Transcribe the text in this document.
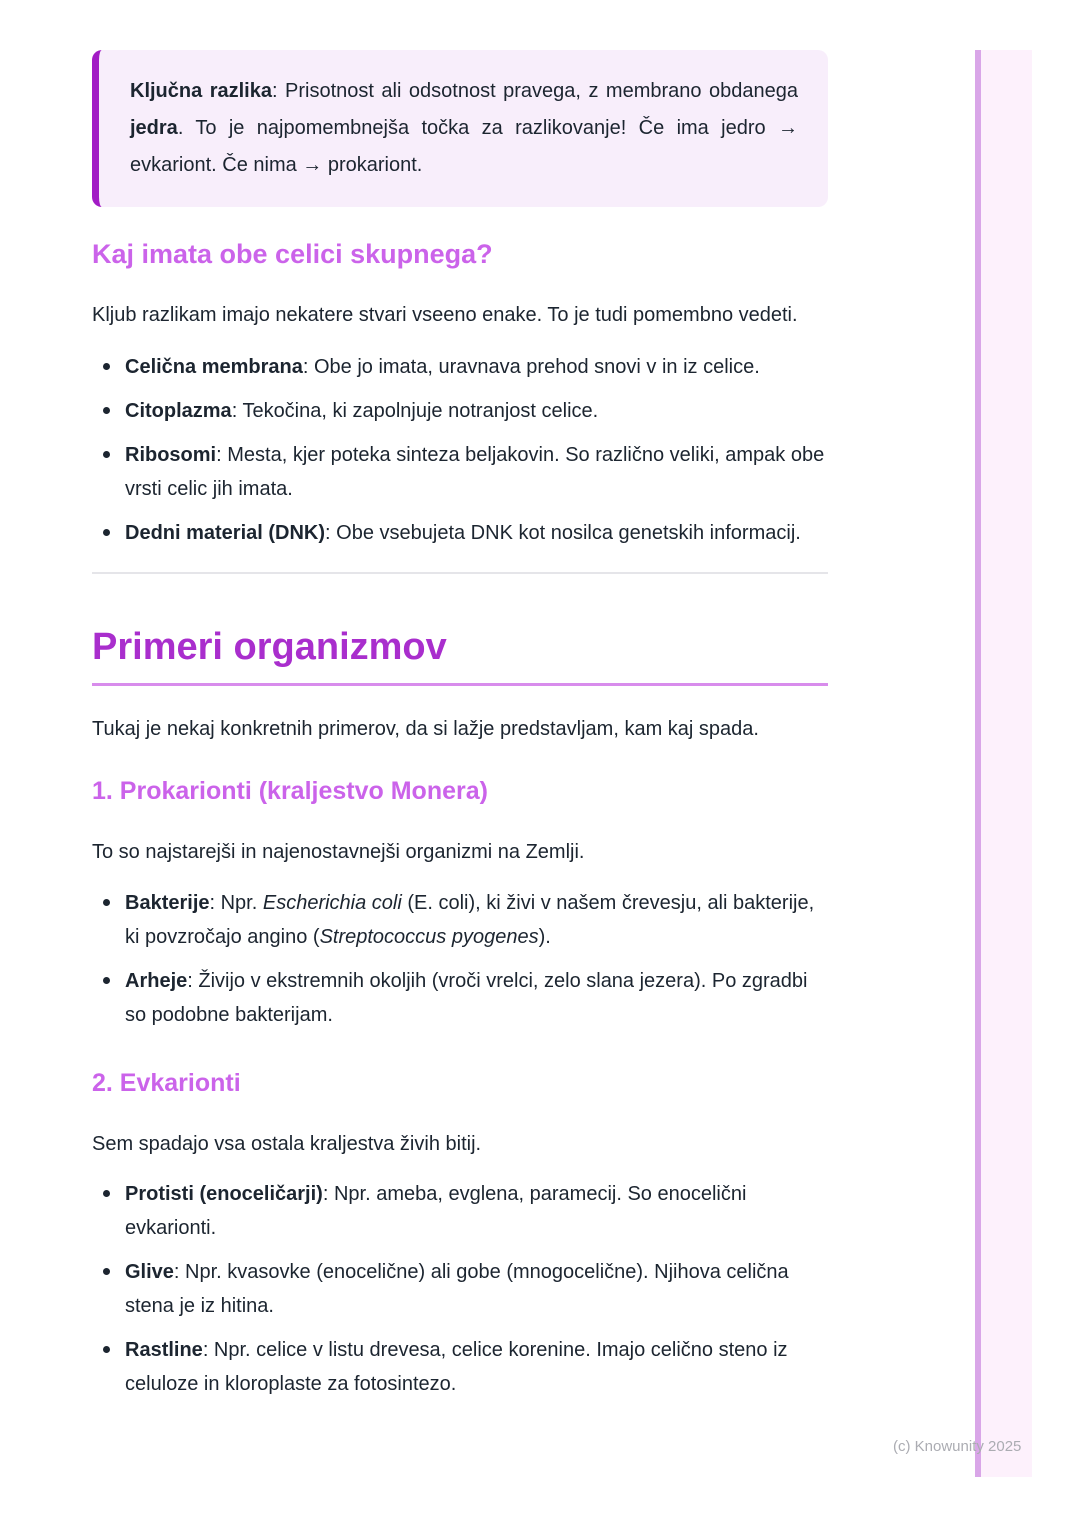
Ključna razlika: Prisotnost ali odsotnost pravega, z membrano obdanega jedra. To je najpomembnejša točka za razlikovanje! Če ima jedro → evkariont. Če nima → prokariont.

Kaj imata obe celici skupnega?

Kljub razlikam imajo nekatere stvari vseeno enake. To je tudi pomembno vedeti.

Celična membrana: Obe jo imata, uravnava prehod snovi v in iz celice.
Citoplazma: Tekočina, ki zapolnjuje notranjost celice.
Ribosomi: Mesta, kjer poteka sinteza beljakovin. So različno veliki, ampak obe vrsti celic jih imata.
Dedni material (DNK): Obe vsebujeta DNK kot nosilca genetskih informacij.
Primeri organizmov

Tukaj je nekaj konkretnih primerov, da si lažje predstavljam, kam kaj spada.

1. Prokarionti (kraljestvo Monera)

To so najstarejši in najenostavnejši organizmi na Zemlji.

Bakterije: Npr. Escherichia coli (E. coli), ki živi v našem črevesju, ali bakterije, ki povzročajo angino (Streptococcus pyogenes).
Arheje: Živijo v ekstremnih okoljih (vroči vrelci, zelo slana jezera). Po zgradbi so podobne bakterijam.
2. Evkarionti

Sem spadajo vsa ostala kraljestva živih bitij.

Protisti (enoceličarji): Npr. ameba, evglena, paramecij. So enocelični evkarionti.
Glive: Npr. kvasovke (enocelične) ali gobe (mnogocelične). Njihova celična stena je iz hitina.
Rastline: Npr. celice v listu drevesa, celice korenine. Imajo celično steno iz celuloze in kloroplaste za fotosintezo.
(c) Knowunity 2025
